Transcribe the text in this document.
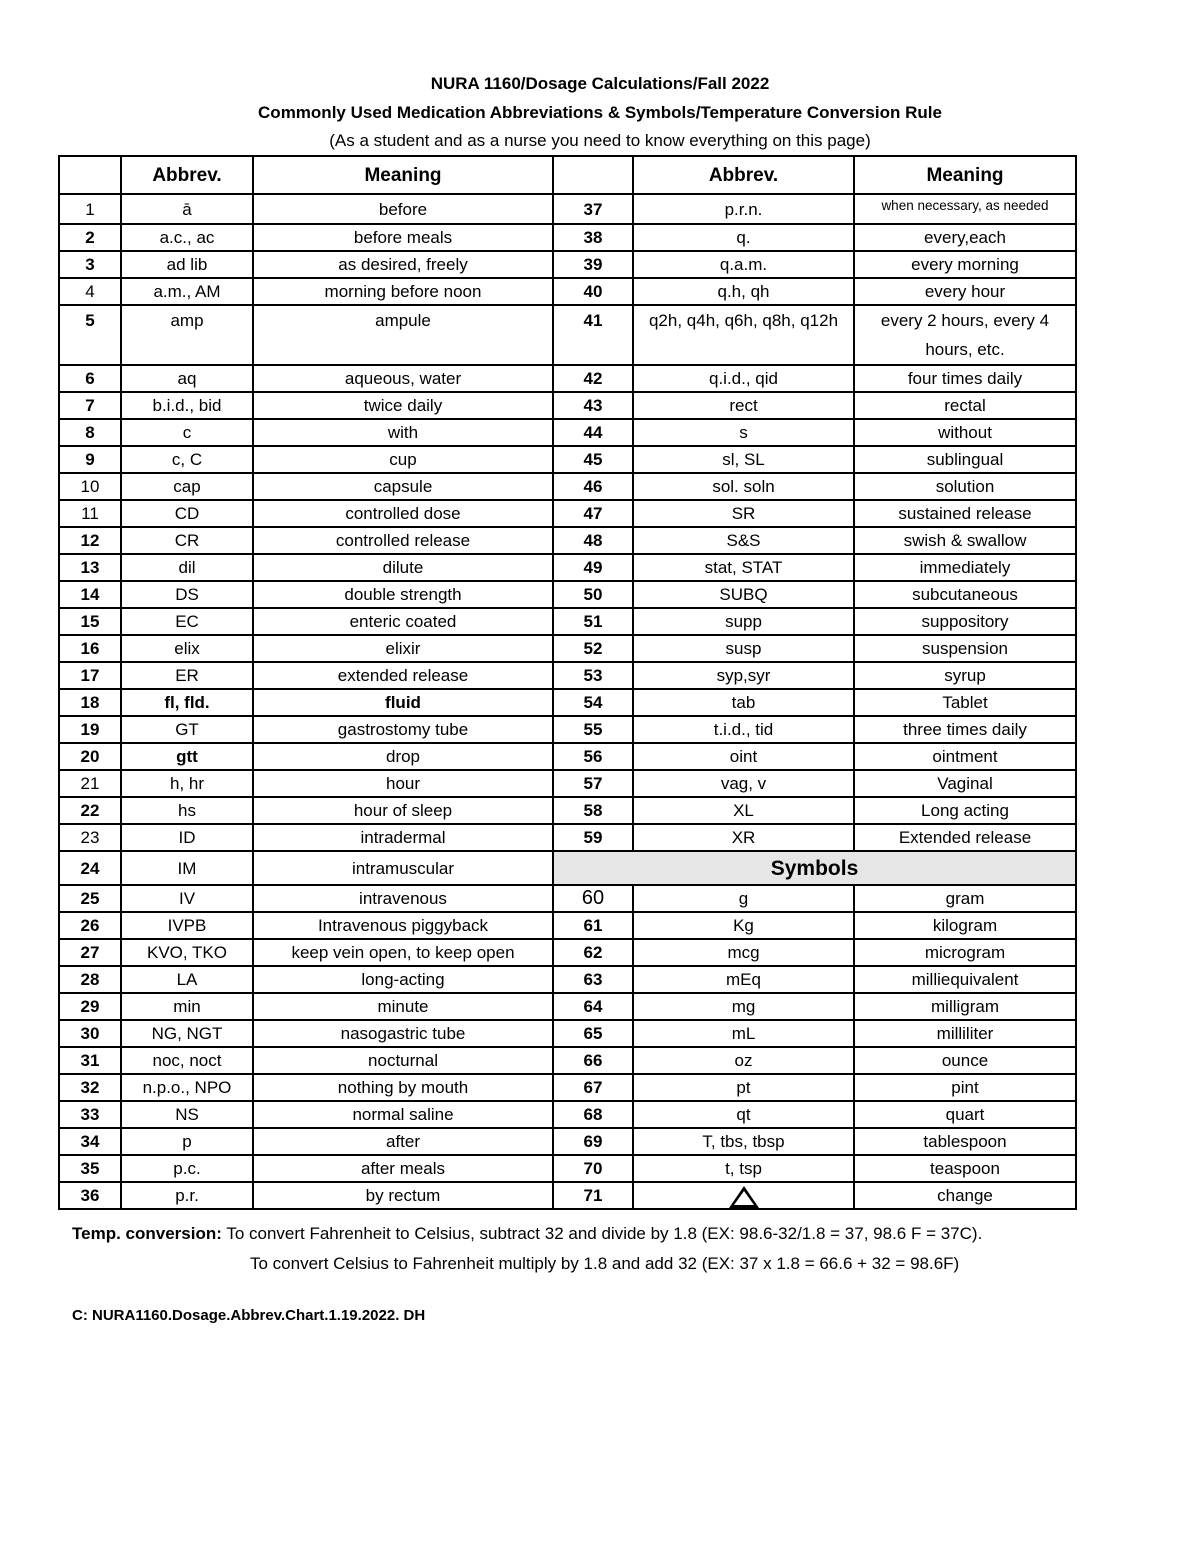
NURA 1160/Dosage Calculations/Fall 2022
Commonly Used Medication Abbreviations & Symbols/Temperature Conversion Rule
(As a student and as a nurse you need to know everything on this page)
	Abbrev.	Meaning		Abbrev.	Meaning
1	ā	before	37	p.r.n.	when necessary, as needed
2	a.c., ac	before meals	38	q.	every,each
3	ad lib	as desired, freely	39	q.a.m.	every morning
4	a.m., AM	morning before noon	40	q.h, qh	every hour
5	amp	ampule	41	q2h, q4h, q6h, q8h, q12h	every 2 hours, every 4 hours, etc.
6	aq	aqueous, water	42	q.i.d., qid	four times daily
7	b.i.d., bid	twice daily	43	rect	rectal
8	c	with	44	s	without
9	c, C	cup	45	sl, SL	sublingual
10	cap	capsule	46	sol. soln	solution
11	CD	controlled dose	47	SR	sustained release
12	CR	controlled release	48	S&S	swish & swallow
13	dil	dilute	49	stat, STAT	immediately
14	DS	double strength	50	SUBQ	subcutaneous
15	EC	enteric coated	51	supp	suppository
16	elix	elixir	52	susp	suspension
17	ER	extended release	53	syp,syr	syrup
18	fl, fld.	fluid	54	tab	Tablet
19	GT	gastrostomy tube	55	t.i.d., tid	three times daily
20	gtt	drop	56	oint	ointment
21	h, hr	hour	57	vag, v	Vaginal
22	hs	hour of sleep	58	XL	Long acting
23	ID	intradermal	59	XR	Extended release
24	IM	intramuscular	Symbols		
25	IV	intravenous	60	g	gram
26	IVPB	Intravenous piggyback	61	Kg	kilogram
27	KVO, TKO	keep vein open, to keep open	62	mcg	microgram
28	LA	long-acting	63	mEq	milliequivalent
29	min	minute	64	mg	milligram
30	NG, NGT	nasogastric tube	65	mL	milliliter
31	noc, noct	nocturnal	66	oz	ounce
32	n.p.o., NPO	nothing by mouth	67	pt	pint
33	NS	normal saline	68	qt	quart
34	p	after	69	T, tbs, tbsp	tablespoon
35	p.c.	after meals	70	t, tsp	teaspoon
36	p.r.	by rectum	71		change
Temp. conversion: To convert Fahrenheit to Celsius, subtract 32 and divide by 1.8 (EX: 98.6-32/1.8 = 37, 98.6 F = 37C).
To convert Celsius to Fahrenheit multiply by 1.8 and add 32 (EX: 37 x 1.8 = 66.6 + 32 = 98.6F)
C: NURA1160.Dosage.Abbrev.Chart.1.19.2022. DH
